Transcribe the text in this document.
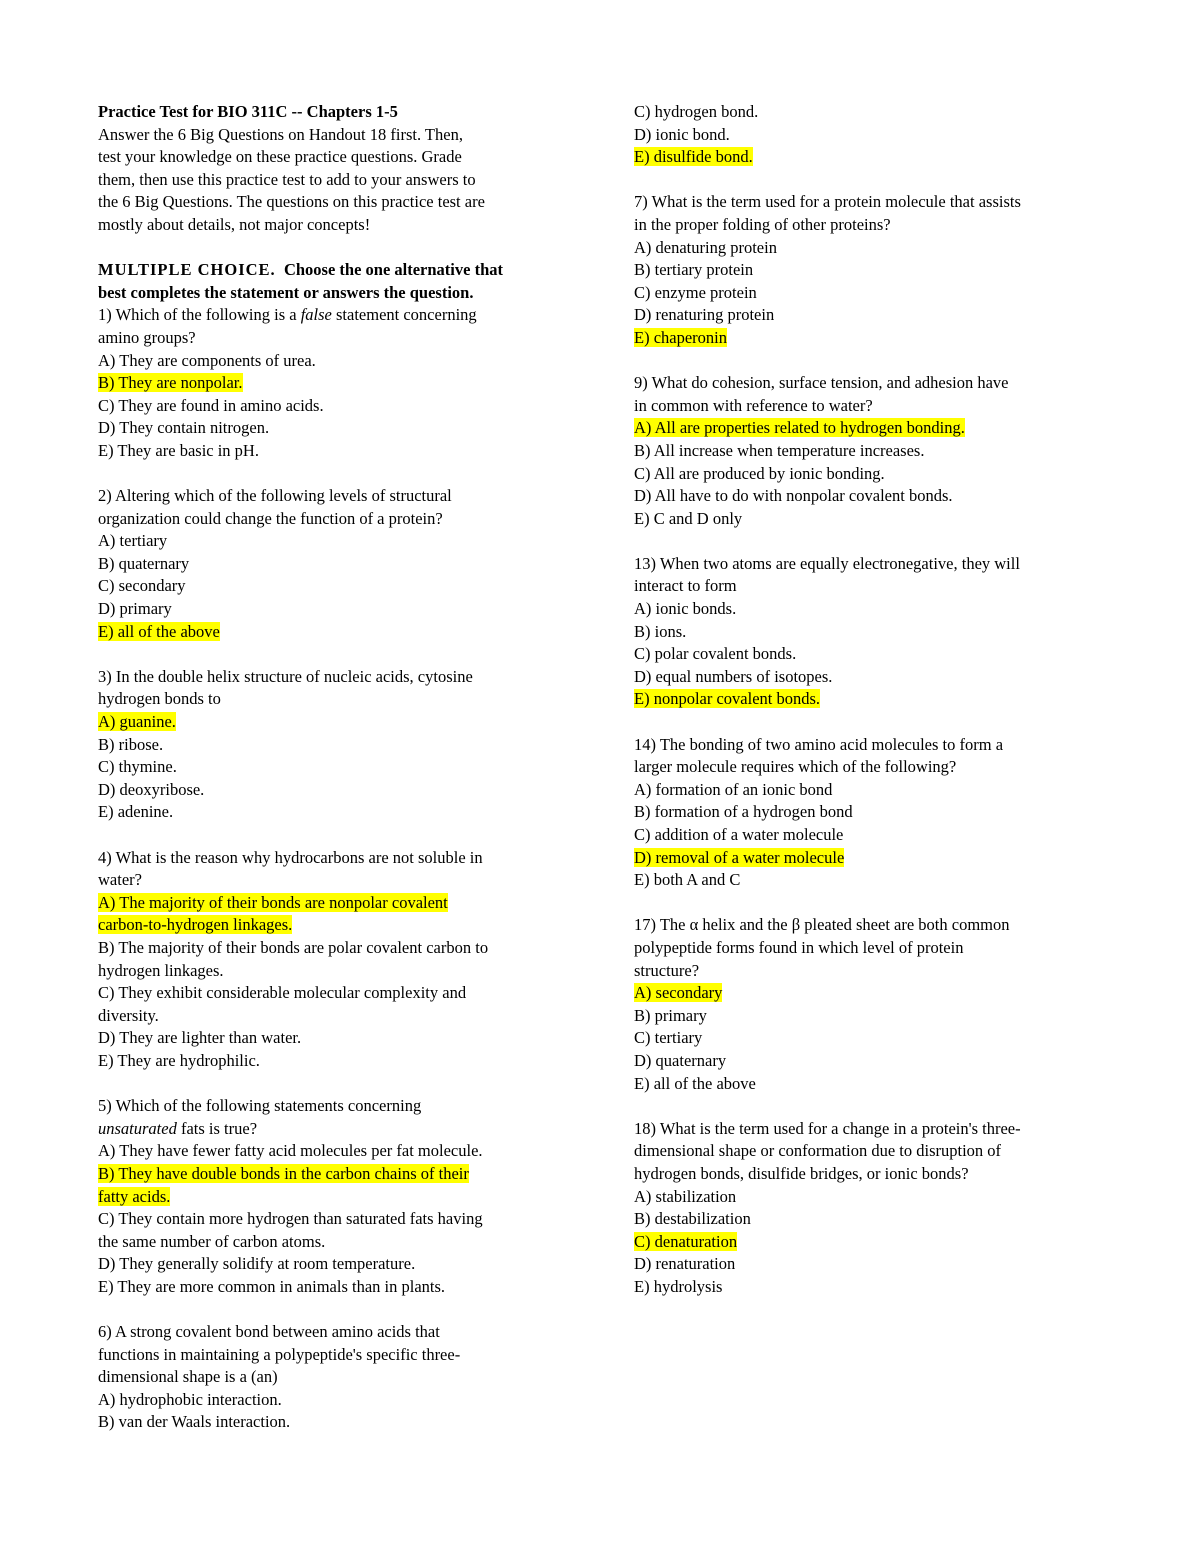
Practice Test for BIO 311C -- Chapters 1-5
Answer the 6 Big Questions on Handout 18 first. Then,
test your knowledge on these practice questions. Grade
them, then use this practice test to add to your answers to
the 6 Big Questions. The questions on this practice test are
mostly about details, not major concepts!
MULTIPLE CHOICE. Choose the one alternative that
best completes the statement or answers the question.
1) Which of the following is a false statement concerning
amino groups?
A) They are components of urea.
B) They are nonpolar.
C) They are found in amino acids.
D) They contain nitrogen.
E) They are basic in pH.
2) Altering which of the following levels of structural
organization could change the function of a protein?
A) tertiary
B) quaternary
C) secondary
D) primary
E) all of the above
3) In the double helix structure of nucleic acids, cytosine
hydrogen bonds to
A) guanine.
B) ribose.
C) thymine.
D) deoxyribose.
E) adenine.
4) What is the reason why hydrocarbons are not soluble in
water?
A) The majority of their bonds are nonpolar covalent
carbon-to-hydrogen linkages.
B) The majority of their bonds are polar covalent carbon to
hydrogen linkages.
C) They exhibit considerable molecular complexity and
diversity.
D) They are lighter than water.
E) They are hydrophilic.
5) Which of the following statements concerning
unsaturated fats is true?
A) They have fewer fatty acid molecules per fat molecule.
B) They have double bonds in the carbon chains of their
fatty acids.
C) They contain more hydrogen than saturated fats having
the same number of carbon atoms.
D) They generally solidify at room temperature.
E) They are more common in animals than in plants.
6) A strong covalent bond between amino acids that
functions in maintaining a polypeptide's specific three-
dimensional shape is a (an)
A) hydrophobic interaction.
B) van der Waals interaction.
C) hydrogen bond.
D) ionic bond.
E) disulfide bond.
7) What is the term used for a protein molecule that assists
in the proper folding of other proteins?
A) denaturing protein
B) tertiary protein
C) enzyme protein
D) renaturing protein
E) chaperonin
9) What do cohesion, surface tension, and adhesion have
in common with reference to water?
A) All are properties related to hydrogen bonding.
B) All increase when temperature increases.
C) All are produced by ionic bonding.
D) All have to do with nonpolar covalent bonds.
E) C and D only
13) When two atoms are equally electronegative, they will
interact to form
A) ionic bonds.
B) ions.
C) polar covalent bonds.
D) equal numbers of isotopes.
E) nonpolar covalent bonds.
14) The bonding of two amino acid molecules to form a
larger molecule requires which of the following?
A) formation of an ionic bond
B) formation of a hydrogen bond
C) addition of a water molecule
D) removal of a water molecule
E) both A and C
17) The α helix and the β pleated sheet are both common
polypeptide forms found in which level of protein
structure?
A) secondary
B) primary
C) tertiary
D) quaternary
E) all of the above
18) What is the term used for a change in a protein's three-
dimensional shape or conformation due to disruption of
hydrogen bonds, disulfide bridges, or ionic bonds?
A) stabilization
B) destabilization
C) denaturation
D) renaturation
E) hydrolysis
